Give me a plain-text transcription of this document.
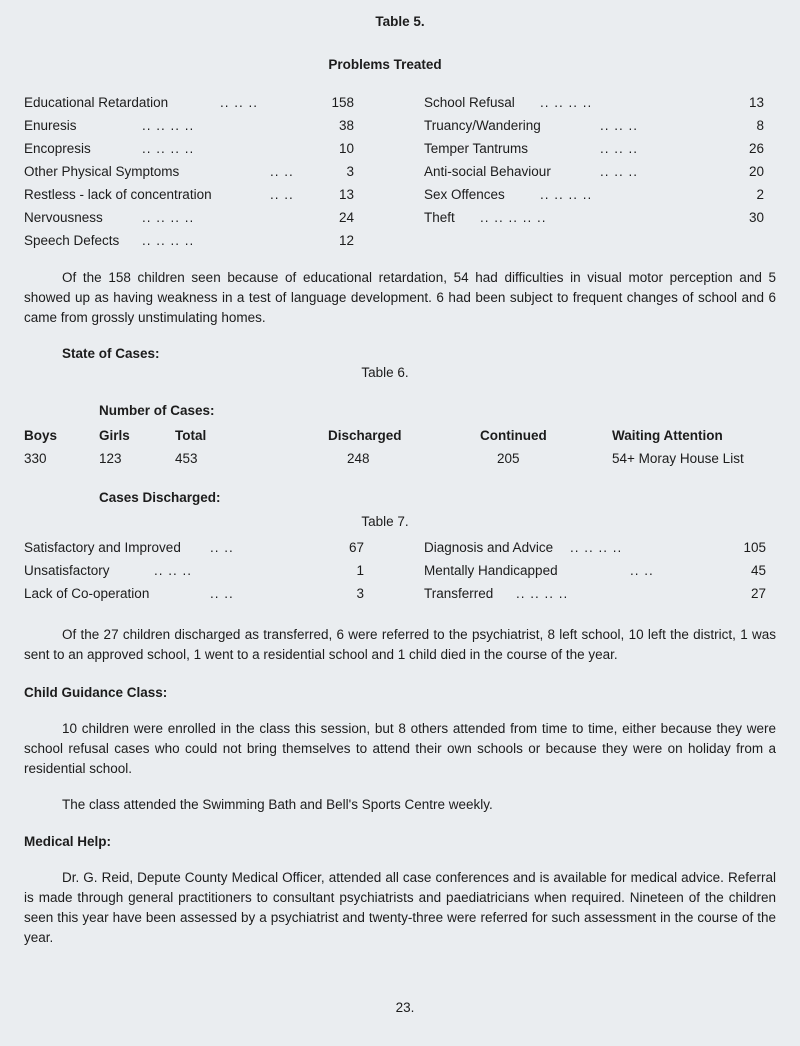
Table 5.
Problems Treated
Educational Retardation	.. .. ..	158
Enuresis	.. .. .. ..	38
Encopresis	.. .. .. ..	10
Other Physical Symptoms	.. ..	3
Restless - lack of concentration	.. ..	13
Nervousness	.. .. .. ..	24
Speech Defects .. .. .. ..	12
School Refusal .. .. .. ..	13
Truancy/Wandering	.. .. ..	8
Temper Tantrums	.. .. ..	26
Anti-social Behaviour	.. .. ..	20
Sex Offences	.. .. .. ..	2
Theft .. .. .. .. ..	30
Of the 158 children seen because of educational retardation, 54 had difficulties in visual motor perception and 5 showed up as having weakness in a test of language development. 6 had been subject to frequent changes of school and 6 came from grossly unstimulating homes.
State of Cases:
Table 6.
Number of Cases:
Boys	Girls	Total	Discharged	Continued	Waiting Attention
330	123	453	248	205	54+ Moray House List
Cases Discharged:
Table 7.
Satisfactory and Improved .. ..	67
Unsatisfactory	.. .. ..	1
Lack of Co-operation	.. ..	3
Diagnosis and Advice .. .. .. ..	105
Mentally Handicapped	.. ..	45
Transferred .. .. .. ..	27
Of the 27 children discharged as transferred, 6 were referred to the psychiatrist, 8 left school, 10 left the district, 1 was sent to an approved school, 1 went to a residential school and 1 child died in the course of the year.
Child Guidance Class:
10 children were enrolled in the class this session, but 8 others attended from time to time, either because they were school refusal cases who could not bring themselves to attend their own schools or because they were on holiday from a residential school.
The class attended the Swimming Bath and Bell's Sports Centre weekly.
Medical Help:
Dr. G. Reid, Depute County Medical Officer, attended all case conferences and is available for medical advice. Referral is made through general practitioners to consultant psychiatrists and paediatricians when required. Nineteen of the children seen this year have been assessed by a psychiatrist and twenty-three were referred for such assessment in the course of the year.
23.
